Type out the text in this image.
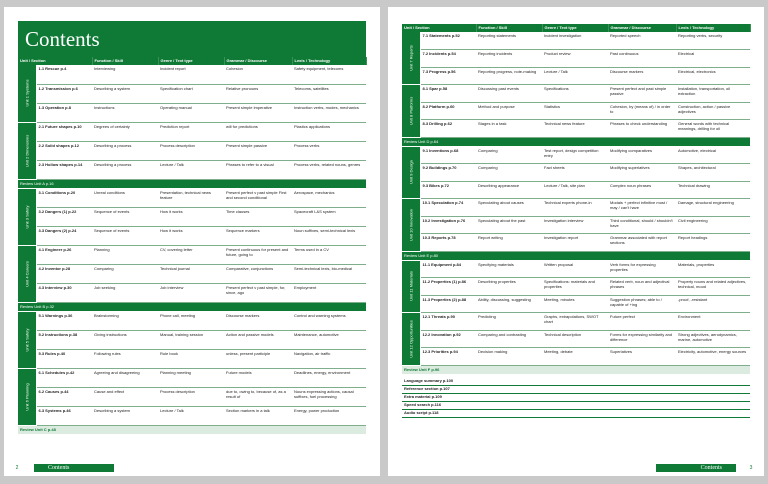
Contents
Unit / Section		Function / Skill	Genre / Text type	Grammar / Discourse	Lexis / Technology

Unit 1 Systems	1.1 Rescue p.4	Interviewing	Incident report	Cohesion	Safety equipment, telecoms
	1.2 Transmission p.6	Describing a system	Specification chart	Relative pronouns	Telecoms, satellites
	1.3 Operation p.8	Instructions	Operating manual	Present simple imperative	Instruction verbs, modes, mechanics

Unit 2 Dimensions	2.1 Future shapes p.10	Degrees of certainty	Prediction report	will for predictions	Plastics applications
	2.2 Solid shapes p.12	Describing a process	Process description	Present simple passive	Process verbs
	2.3 Hollow shapes p.14	Describing a process	Lecture / Talk	Phrases to refer to a visual	Process verbs, related nouns, genres
Review Unit A p.16					

Unit 3 Safety	3.1 Conditions p.20	Unreal conditions	Presentation, technical news feature	Present perfect v past simple First and second conditional	Aerospace, mechanics
	3.2 Dangers (1) p.22	Sequence of events	How it works	Time clauses	Spacecraft L&S system
	3.3 Dangers (2) p.24	Sequence of events	How it works	Sequence markers	Noun suffixes, semi-technical lexis

Unit 4 Careers	4.1 Engineer p.26	Planning	CV, covering letter	Present continuous for present and future, going to	Terms used in a CV
	4.2 Inventor p.28	Comparing	Technical journal	Comparative, conjunctions	Semi-technical lexis, bio-medical
	4.3 Interview p.30	Job seeking	Job interview	Present perfect v past simple, for, since, ago	Employment
Review Unit B p.32					

Unit 5 Safety	5.1 Warnings p.36	Brainstorming	Phone call, meeting	Discourse markers	Control and warning systems
	5.2 Instructions p.38	Giving instructions	Manual, training session	Action and passive models	Maintenance, automotive
	5.3 Rules p.40	Following rules	Rule book	unless, present participle	Navigation, air traffic

Unit 6 Planning	6.1 Schedules p.42	Agreeing and disagreeing	Planning meeting	Future models	Deadlines, energy, environment
	6.2 Causes p.44	Cause and effect	Process description	due to, owing to, because of, as a result of	Nouns expressing actions, causal suffixes, fuel processing
	6.3 Systems p.46	Describing a system	Lecture / Talk	Section markers in a talk	Energy, power production
Review Unit C p.48					
2	Contents
Unit / Section		Function / Skill	Genre / Text type	Grammar / Discourse	Lexis / Technology

Unit 7 Reports	7.1 Statements p.52	Reporting statements	Incident investigation	Reported speech	Reporting verbs, security
	7.2 Incidents p.54	Reporting incidents	Product review	Past continuous	Electrical
	7.3 Progress p.56	Reporting progress, note-making	Lecture / Talk	Discourse markers	Electrical, electronics

Unit 8 Platforms	8.1 Spar p.58	Discussing past events	Specifications	Present perfect and past simple passive	Installation, transportation, oil extraction
	8.2 Platform p.60	Method and purpose	Statistics	Cohesion, by (means of) / in order to	Construction, action / passive adjectives
	8.3 Drilling p.62	Stages in a task	Technical news feature	Phrases to check understanding	General words with technical meanings, drilling for oil
Review Unit D p.64					

Unit 9 Design	9.1 Inventions p.68	Comparing	Test report, design competition entry	Modifying comparatives	Automotive, electrical
	9.2 Buildings p.70	Comparing	Fact sheets	Modifying superlatives	Shapes, architectural
	9.3 Bikes p.72	Describing appearance	Lecture / Talk, site plan	Complex noun phrases	Technical drawing

Unit 10 Innovation	10.1 Speculation p.74	Speculating about causes	Technical experts phone-in	Modals + perfect infinitive must / may / can't have	Damage, structural engineering
	10.2 Investigation p.76	Speculating about the past	Investigation interview	Third conditional, should / shouldn't have	Civil engineering
	10.3 Reports p.78	Report writing	Investigation report	Grammar associated with report sections	Report headings
Review Unit E p.80					

Unit 11 Materials	11.1 Equipment p.84	Specifying materials	Written proposal	Verb forms for expressing properties	Materials, properties
	11.2 Properties (1) p.86	Describing properties	Specifications: materials and properties	Related verb, noun and adjectival phrases	Property nouns and related adjectives, technical, mood
	11.3 Properties (2) p.88	Ability, discussing, suggesting	Meeting, minutes	Suggestion phrases; able to / capable of +ing	-proof, -resistant

Unit 12 Opportunities	12.1 Threats p.90	Predicting	Graphs, extrapolations, SWOT chart	Future perfect	Environment
	12.2 Innovation p.92	Comparing and contrasting	Technical description	Forms for expressing similarity and difference	Strong adjectives, aerodynamics, marine, automotive
	12.3 Priorities p.94	Decision making	Meeting, debate	Superlatives	Electricity, automotive, energy sources
Review Unit F p.96					
Language summary p.100
Reference section p.107
Extra material p.109
Speed search p.116
Audio script p.118
Contents	3
